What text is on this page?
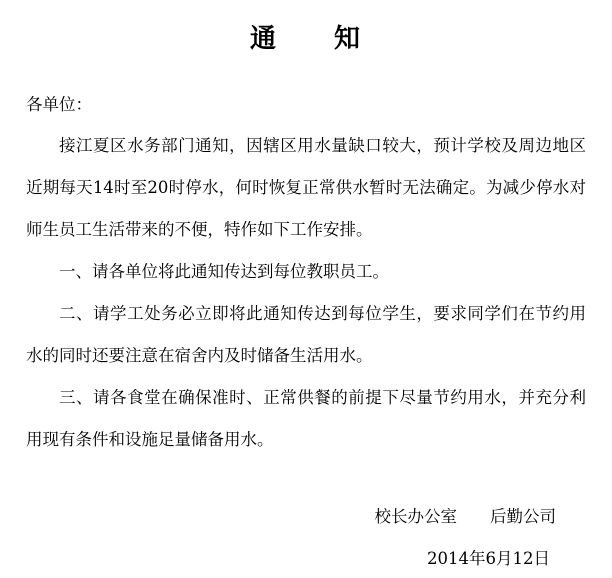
通　　知
各单位：
接江夏区水务部门通知，因辖区用水量缺口较大，预计学校及周边地区近期每天14时至20时停水，何时恢复正常供水暂时无法确定。为减少停水对师生员工生活带来的不便，特作如下工作安排。
一、请各单位将此通知传达到每位教职员工。
二、请学工处务必立即将此通知传达到每位学生，要求同学们在节约用水的同时还要注意在宿舍内及时储备生活用水。
三、请各食堂在确保准时、正常供餐的前提下尽量节约用水，并充分利用现有条件和设施足量储备用水。
校长办公室　　后勤公司
2014年6月12日
